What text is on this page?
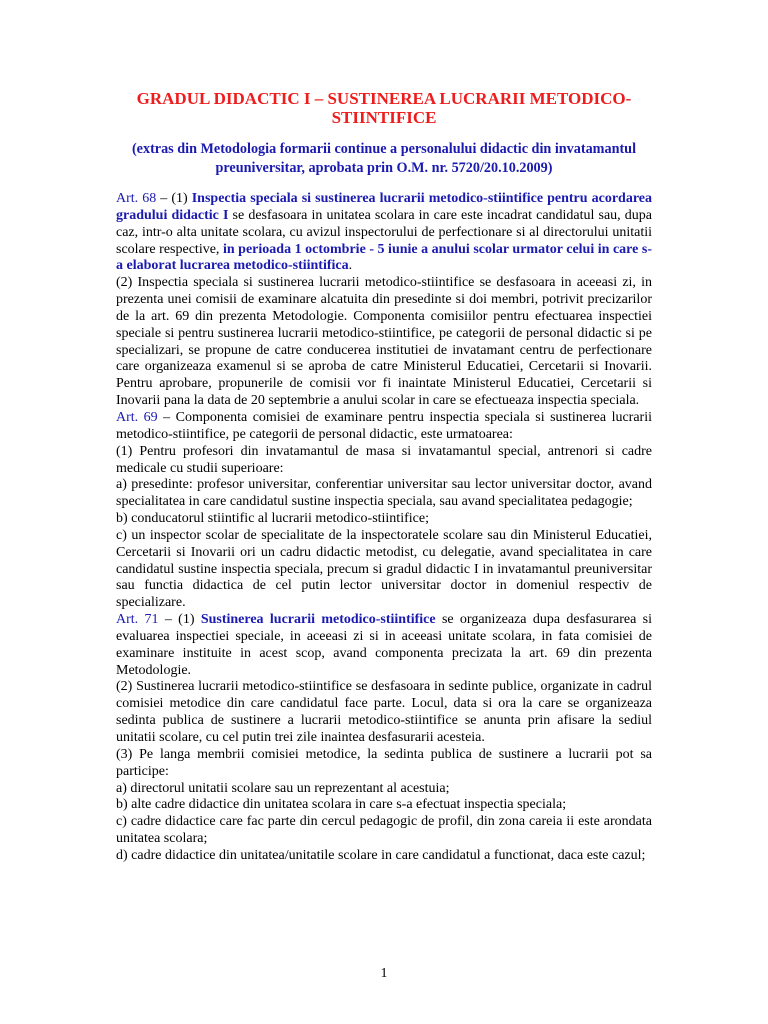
GRADUL DIDACTIC I – SUSTINEREA LUCRARII METODICO-STIINTIFICE

(extras din Metodologia formarii continue a personalului didactic din invatamantul preuniversitar, aprobata prin O.M. nr. 5720/20.10.2009)

Art. 68 – (1) Inspectia speciala si sustinerea lucrarii metodico-stiintifice pentru acordarea gradului didactic I se desfasoara in unitatea scolara in care este incadrat candidatul sau, dupa caz, intr-o alta unitate scolara, cu avizul inspectorului de perfectionare si al directorului unitatii scolare respective, in perioada 1 octombrie - 5 iunie a anului scolar urmator celui in care s-a elaborat lucrarea metodico-stiintifica.

(2) Inspectia speciala si sustinerea lucrarii metodico-stiintifice se desfasoara in aceeasi zi, in prezenta unei comisii de examinare alcatuita din presedinte si doi membri, potrivit precizarilor de la art. 69 din prezenta Metodologie. Componenta comisiilor pentru efectuarea inspectiei speciale si pentru sustinerea lucrarii metodico-stiintifice, pe categorii de personal didactic si pe specializari, se propune de catre conducerea institutiei de invatamant centru de perfectionare care organizeaza examenul si se aproba de catre Ministerul Educatiei, Cercetarii si Inovarii. Pentru aprobare, propunerile de comisii vor fi inaintate Ministerul Educatiei, Cercetarii si Inovarii pana la data de 20 septembrie a anului scolar in care se efectueaza inspectia speciala.

Art. 69 – Componenta comisiei de examinare pentru inspectia speciala si sustinerea lucrarii metodico-stiintifice, pe categorii de personal didactic, este urmatoarea:

(1) Pentru profesori din invatamantul de masa si invatamantul special, antrenori si cadre medicale cu studii superioare:

a) presedinte: profesor universitar, conferentiar universitar sau lector universitar doctor, avand specialitatea in care candidatul sustine inspectia speciala, sau avand specialitatea pedagogie;

b) conducatorul stiintific al lucrarii metodico-stiintifice;

c) un inspector scolar de specialitate de la inspectoratele scolare sau din Ministerul Educatiei, Cercetarii si Inovarii ori un cadru didactic metodist, cu delegatie, avand specialitatea in care candidatul sustine inspectia speciala, precum si gradul didactic I in invatamantul preuniversitar sau functia didactica de cel putin lector universitar doctor in domeniul respectiv de specializare.

Art. 71 – (1) Sustinerea lucrarii metodico-stiintifice se organizeaza dupa desfasurarea si evaluarea inspectiei speciale, in aceeasi zi si in aceeasi unitate scolara, in fata comisiei de examinare instituite in acest scop, avand componenta precizata la art. 69 din prezenta Metodologie.

(2) Sustinerea lucrarii metodico-stiintifice se desfasoara in sedinte publice, organizate in cadrul comisiei metodice din care candidatul face parte. Locul, data si ora la care se organizeaza sedinta publica de sustinere a lucrarii metodico-stiintifice se anunta prin afisare la sediul unitatii scolare, cu cel putin trei zile inaintea desfasurarii acesteia.

(3) Pe langa membrii comisiei metodice, la sedinta publica de sustinere a lucrarii pot sa participe:

a) directorul unitatii scolare sau un reprezentant al acestuia;

b) alte cadre didactice din unitatea scolara in care s-a efectuat inspectia speciala;

c) cadre didactice care fac parte din cercul pedagogic de profil, din zona careia ii este arondata unitatea scolara;

d) cadre didactice din unitatea/unitatile scolare in care candidatul a functionat, daca este cazul;

1
